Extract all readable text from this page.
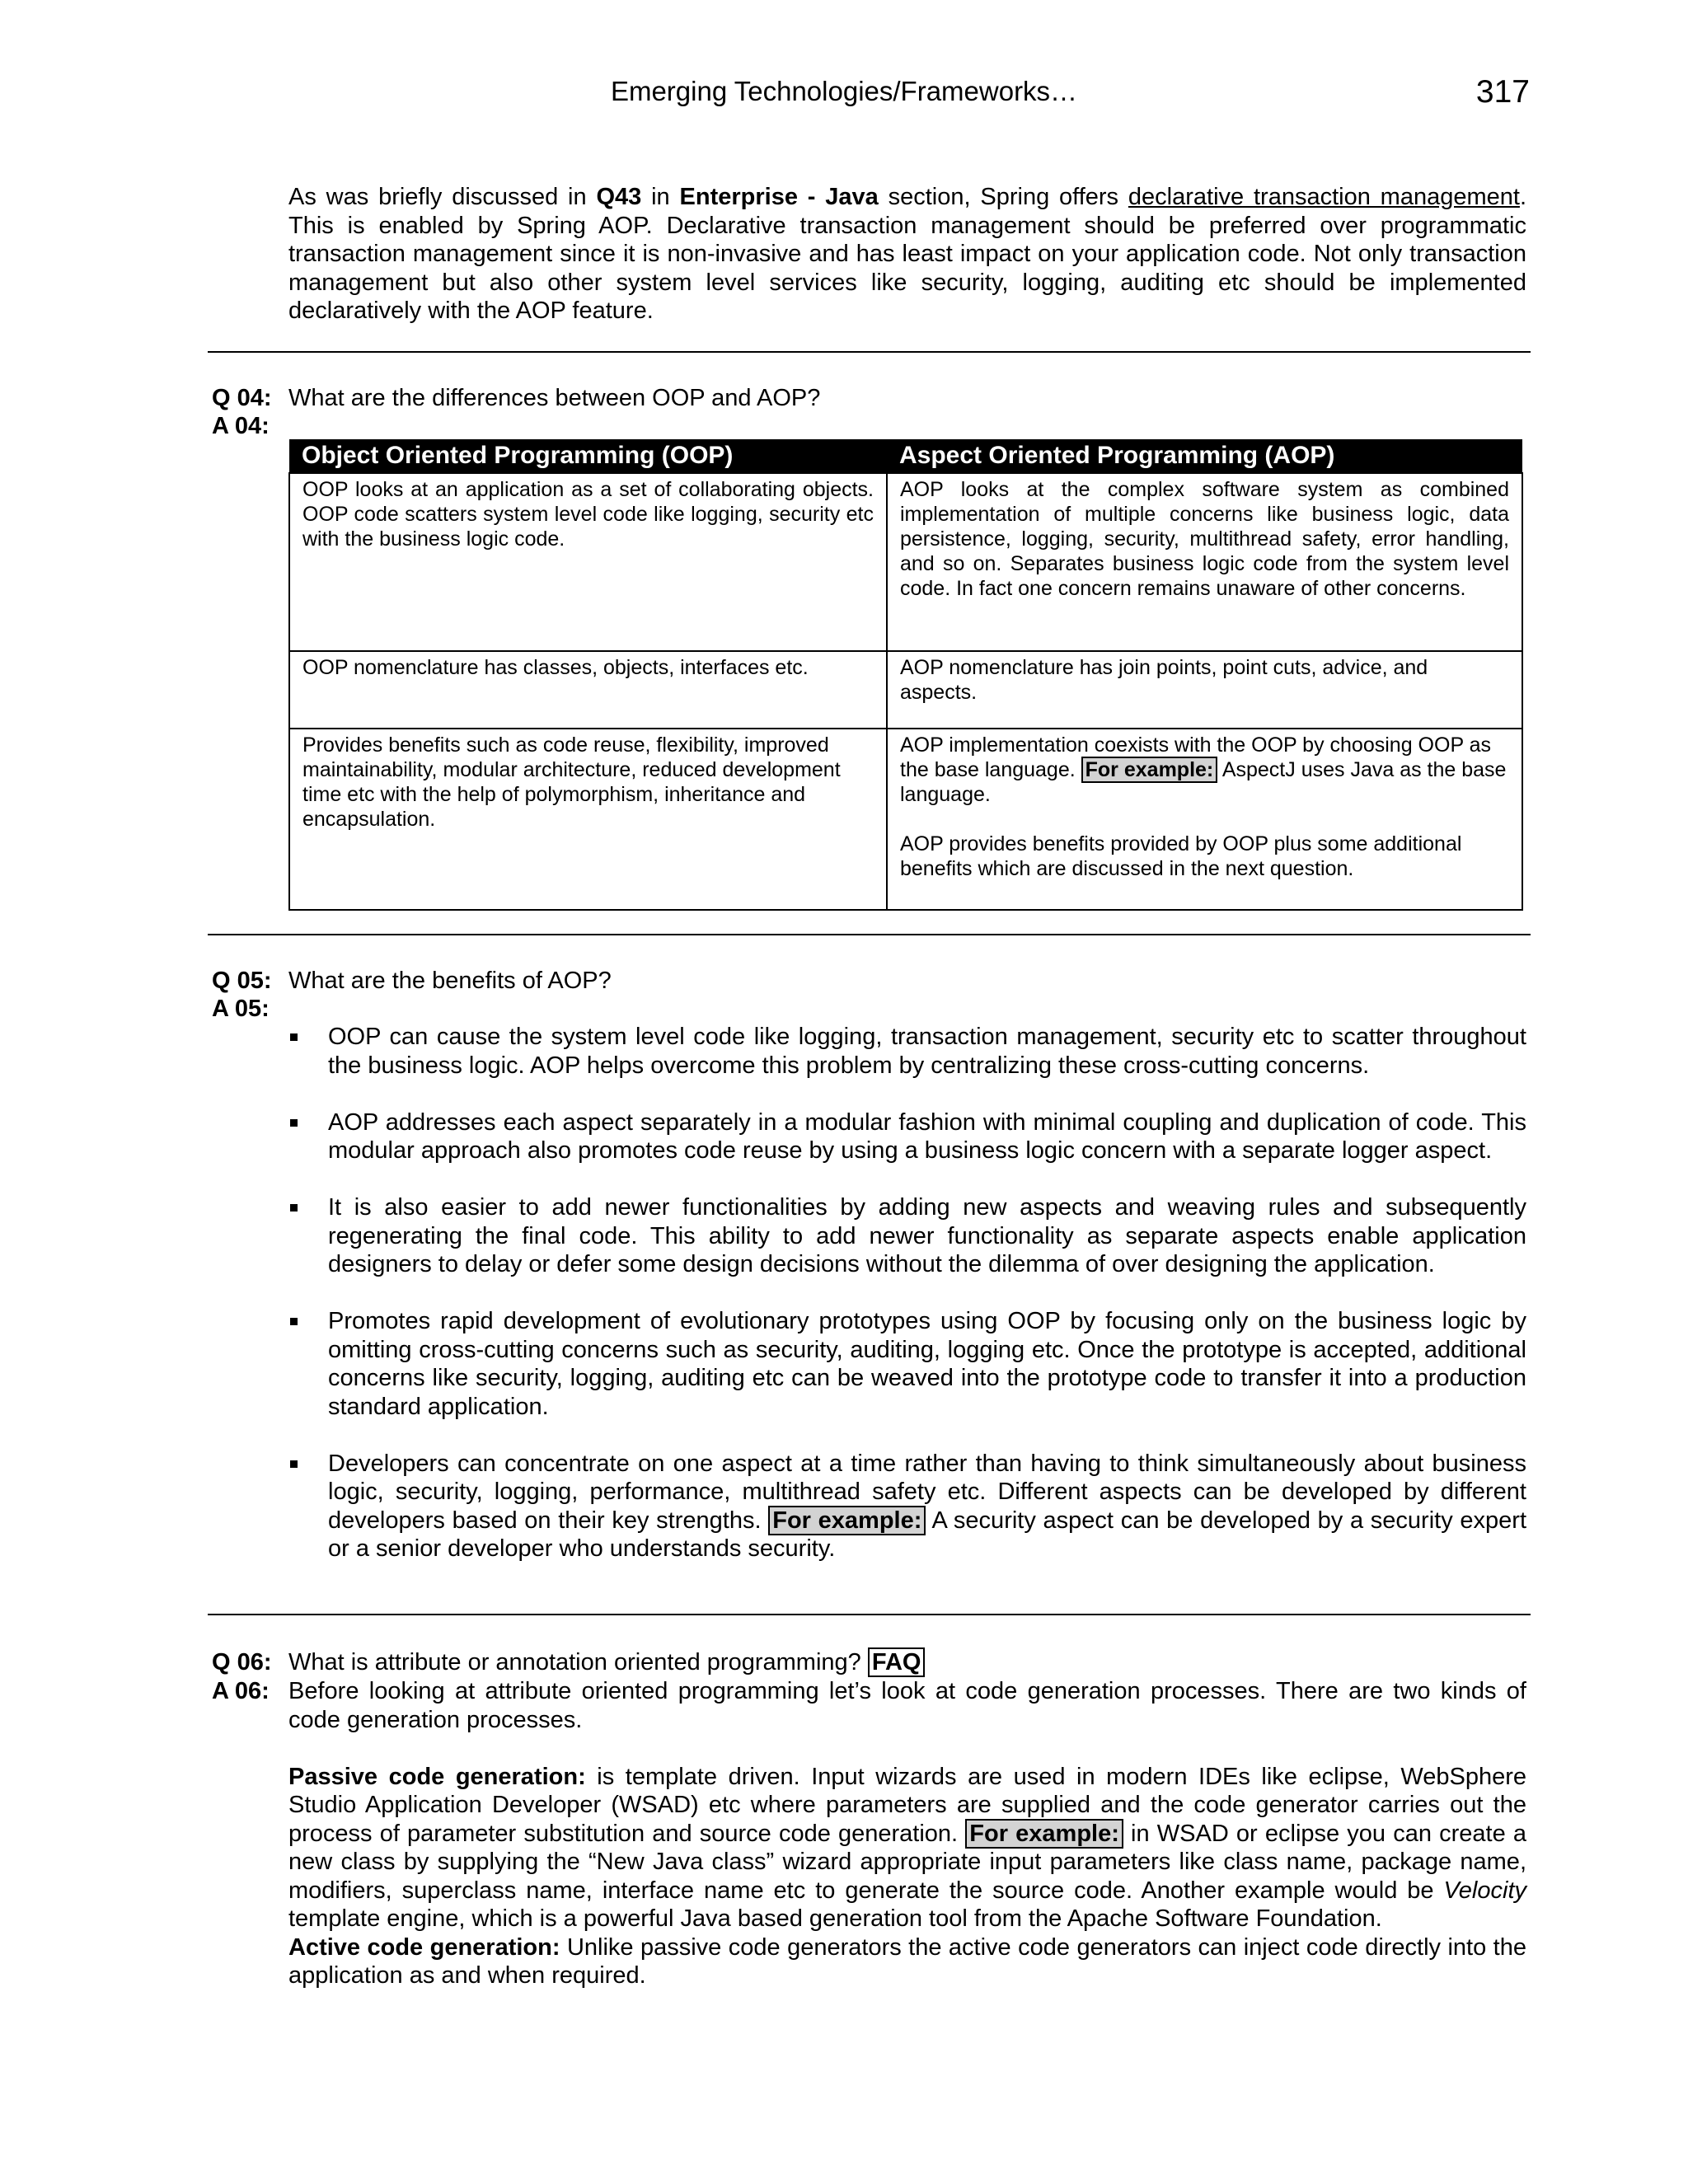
Emerging Technologies/Frameworks…	317

As was briefly discussed in Q43 in Enterprise - Java section, Spring offers declarative transaction management. This is enabled by Spring AOP. Declarative transaction management should be preferred over programmatic transaction management since it is non-invasive and has least impact on your application code. Not only transaction management but also other system level services like security, logging, auditing etc should be implemented declaratively with the AOP feature.

Q 04:
A 04:
What are the differences between OOP and AOP?
Object Oriented Programming (OOP)	Aspect Oriented Programming (AOP)
OOP looks at an application as a set of collaborating objects. OOP code scatters system level code like logging, security etc with the business logic code.	AOP looks at the complex software system as combined implementation of multiple concerns like business logic, data persistence, logging, security, multithread safety, error handling, and so on. Separates business logic code from the system level code. In fact one concern remains unaware of other concerns.
OOP nomenclature has classes, objects, interfaces etc.	AOP nomenclature has join points, point cuts, advice, and aspects.
Provides benefits such as code reuse, flexibility, improved maintainability, modular architecture, reduced development time etc with the help of polymorphism, inheritance and encapsulation.	AOP implementation coexists with the OOP by choosing OOP as the base language. For example: AspectJ uses Java as the base language.

AOP provides benefits provided by OOP plus some additional benefits which are discussed in the next question.
Q 05:
A 05:
What are the benefits of AOP?
OOP can cause the system level code like logging, transaction management, security etc to scatter throughout the business logic. AOP helps overcome this problem by centralizing these cross-cutting concerns.
AOP addresses each aspect separately in a modular fashion with minimal coupling and duplication of code. This modular approach also promotes code reuse by using a business logic concern with a separate logger aspect.
It is also easier to add newer functionalities by adding new aspects and weaving rules and subsequently regenerating the final code. This ability to add newer functionality as separate aspects enable application designers to delay or defer some design decisions without the dilemma of over designing the application.
Promotes rapid development of evolutionary prototypes using OOP by focusing only on the business logic by omitting cross-cutting concerns such as security, auditing, logging etc. Once the prototype is accepted, additional concerns like security, logging, auditing etc can be weaved into the prototype code to transfer it into a production standard application.
Developers can concentrate on one aspect at a time rather than having to think simultaneously about business logic, security, logging, performance, multithread safety etc. Different aspects can be developed by different developers based on their key strengths. For example: A security aspect can be developed by a security expert or a senior developer who understands security.
Q 06:
A 06:
What is attribute or annotation oriented programming? FAQ

Before looking at attribute oriented programming let’s look at code generation processes. There are two kinds of code generation processes.

Passive code generation: is template driven. Input wizards are used in modern IDEs like eclipse, WebSphere Studio Application Developer (WSAD) etc where parameters are supplied and the code generator carries out the process of parameter substitution and source code generation. For example: in WSAD or eclipse you can create a new class by supplying the “New Java class” wizard appropriate input parameters like class name, package name, modifiers, superclass name, interface name etc to generate the source code. Another example would be Velocity template engine, which is a powerful Java based generation tool from the Apache Software Foundation.

Active code generation: Unlike passive code generators the active code generators can inject code directly into the application as and when required.
